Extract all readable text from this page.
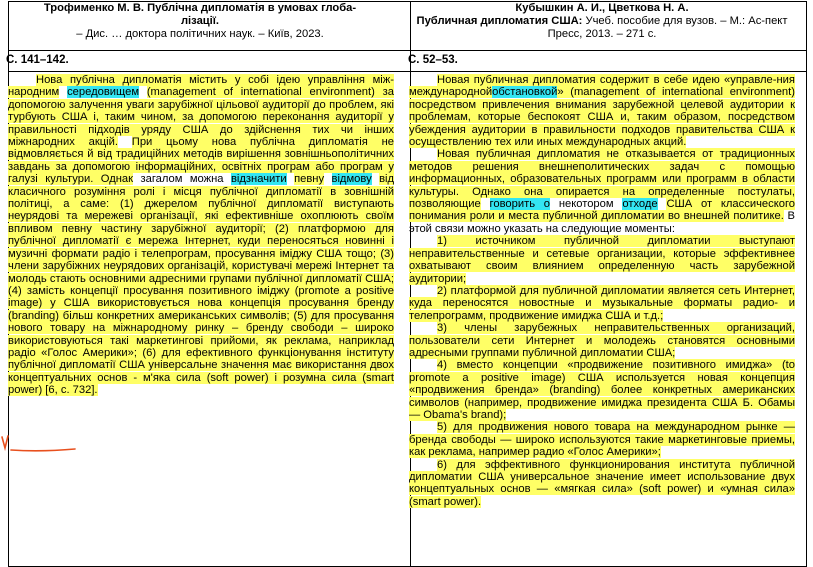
Трофименко М. В. Публічна дипломатія в умовах глоба-
лізації.
– Дис. … доктора політичних наук. – Київ, 2023.
Кубышкин А. И., Цветкова Н. А.
Публичная дипломатия США: Учеб. пособие для вузов. – М.: Ас-пект Пресс, 2013. – 271 с.
С. 141–142.	С. 52–53.

Нова публічна дипломатія містить у собі ідею управління між-народним середовищем (management of international environment) за допомогою залучення уваги зарубіжної цільової аудиторії до проблем, які турбують США і, таким чином, за допомогою переконання аудиторії у правильності підходів уряду США до здійснення тих чи інших міжнародних акцій. При цьому нова публічна дипломатія не відмовляється й від традиційних методів вирішення зовнішньополітичних завдань за допомогою інформаційних, освітніх програм або програм у галузі культури. Однак загалом можна відзначити певну відмову від класичного розуміння ролі і місця публічної дипломатії в зовнішній політиці, а саме: (1) джерелом публічної дипломатії виступають неурядові та мережеві організації, які ефективніше охоплюють своїм впливом певну частину зарубіжної аудиторії; (2) платформою для публічної дипломатії є мережа Інтернет, куди переносяться новинні і музичні формати радіо і телепрограм, просування іміджу США тощо; (3) члени зарубіжних неурядових організацій, користувачі мережі Інтернет та молодь стають основними адресними групами публічної дипломатії США; (4) замість концепції просування позитивного іміджу (promote a positive image) у США використовується нова концепція просування бренду (branding) більш конкретних американських символів; (5) для просування нового товару на міжнародному ринку – бренду свободи – широко використовуються такі маркетингові прийоми, як реклама, наприклад радіо «Голос Америки»; (6) для ефективного функціонування інституту публічної дипломатії США універсальне значення має використання двох концептуальних основ - м'яка сила (soft power) і розумна сила (smart power) [6, с. 732].

Новая публичная дипломатия содержит в себе идею «управле-ния международнойобстановкой» (management of international environment) посредством привлечения внимания зарубежной целевой аудитории к проблемам, которые беспокоят США и, таким образом, посредством убеждения аудитории в правильности подходов правительства США к осуществлению тех или иных международных акций.

Новая публичная дипломатия не отказывается от традиционных методов решения внешнеполитических задач с помощью информационных, образовательных программ или программ в области культуры. Однако она опирается на определенные постулаты, позволяющие говорить о некотором отходе США от классического понимания роли и места публичной дипломатии во внешней политике. В этой связи можно указать на следующие моменты:

1) источником публичной дипломатии выступают неправительственные и сетевые организации, которые эффективнее охватывают своим влиянием определенную часть зарубежной аудитории;

2) платформой для публичной дипломатии является сеть Интернет, куда переносятся новостные и музыкальные форматы радио- и телепрограмм, продвижение имиджа США и т.д.;

3) члены зарубежных неправительственных организаций, пользователи сети Интернет и молодежь становятся основными адресными группами публичной дипломатии США;

4) вместо концепции «продвижение позитивного имиджа» (to promote a positive image) США используется новая концепция «продвижения бренда» (branding) более конкретных американских символов (например, продвижение имиджа президента США Б. Обамы — Obama's brand);

5) для продвижения нового товара на международном рынке — бренда свободы — широко используются такие маркетинговые приемы, как реклама, например радио «Голос Америки»;

6) для эффективного функционирования института публичной дипломатии США универсальное значение имеет использование двух концептуальных основ — «мягкая сила» (soft power) и «умная сила» (smart power).
